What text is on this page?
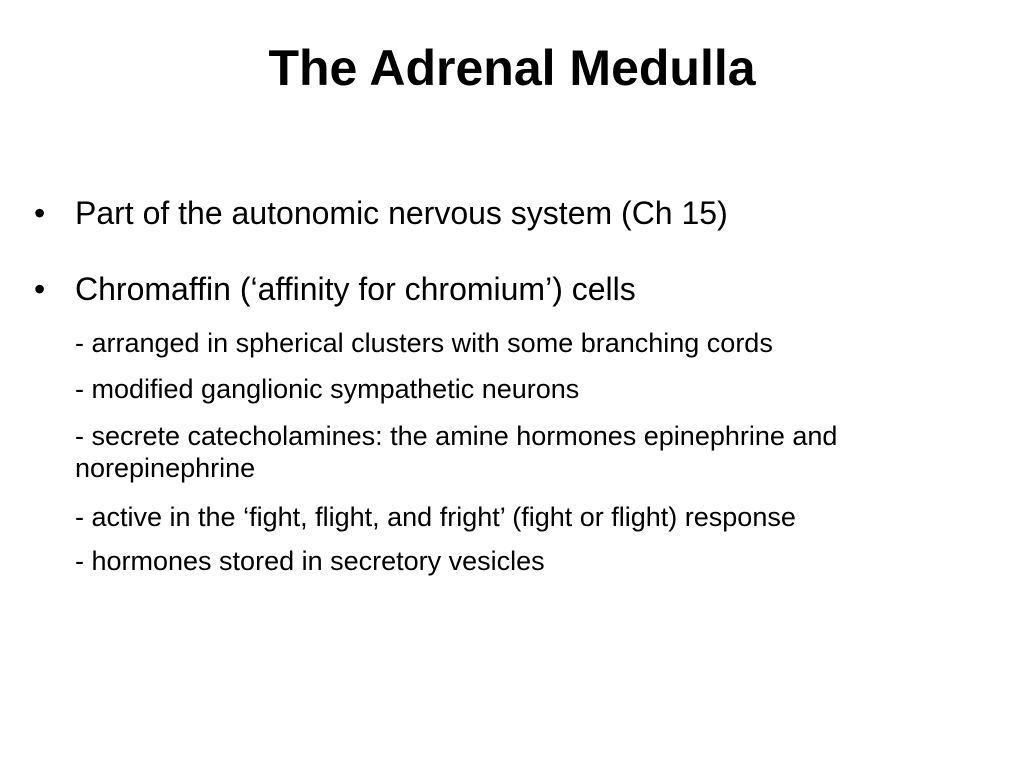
The Adrenal Medulla
• Part of the autonomic nervous system (Ch 15)
• Chromaffin (‘affinity for chromium’) cells
- arranged in spherical clusters with some branching cords
- modified ganglionic sympathetic neurons
- secrete catecholamines: the amine hormones epinephrine and norepinephrine
- active in the ‘fight, flight, and fright’ (fight or flight) response
- hormones stored in secretory vesicles
